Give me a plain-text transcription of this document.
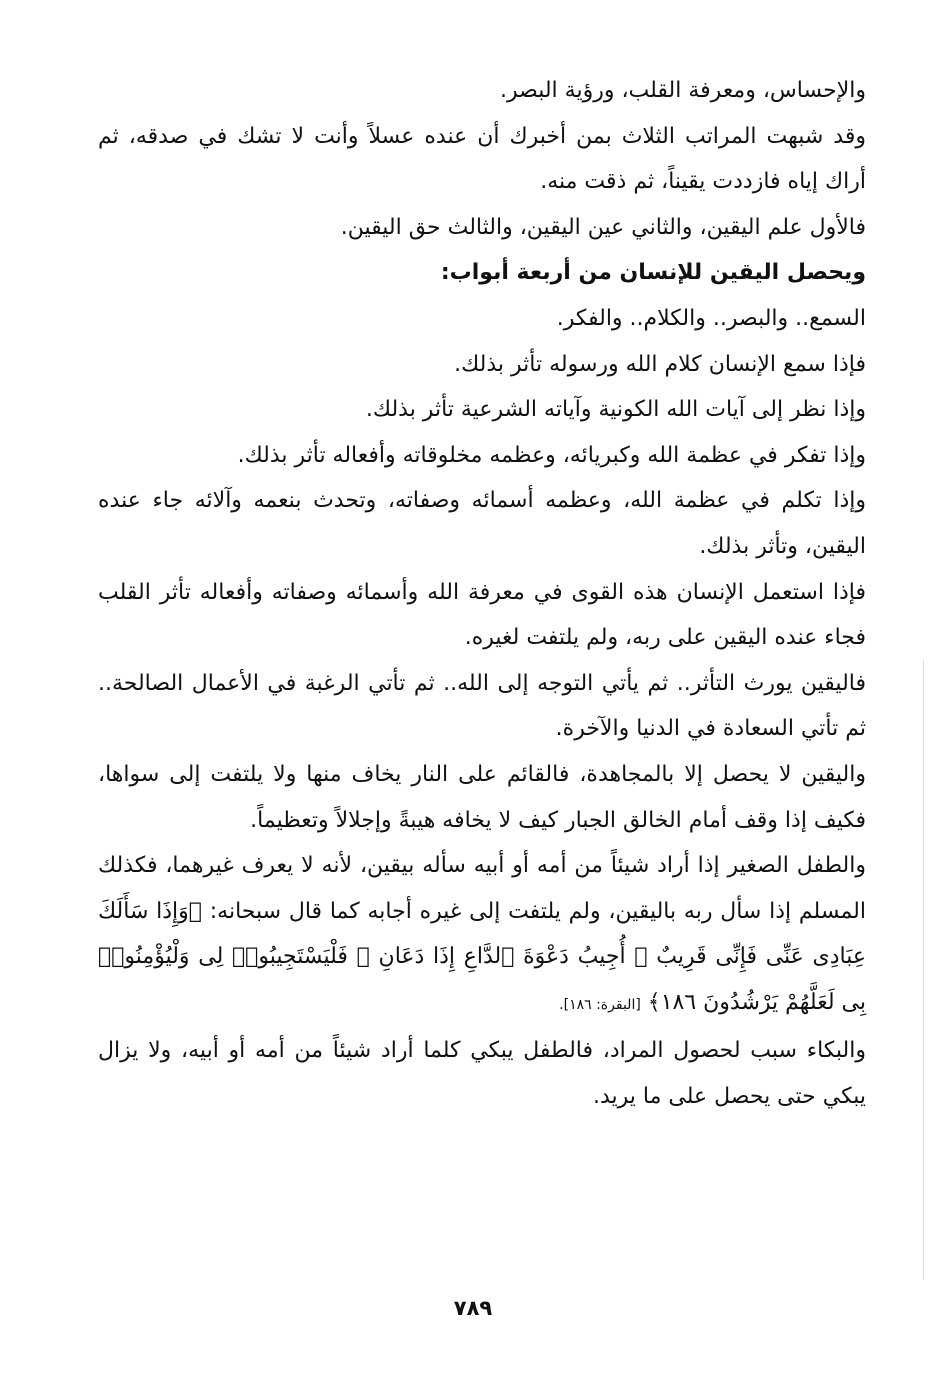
والإحساس، ومعرفة القلب، ورؤية البصر.

وقد شبهت المراتب الثلاث بمن أخبرك أن عنده عسلاً وأنت لا تشك في صدقه، ثم أراك إياه فازددت يقيناً، ثم ذقت منه.

فالأول علم اليقين، والثاني عين اليقين، والثالث حق اليقين.

ويحصل اليقين للإنسان من أربعة أبواب:

السمع.. والبصر.. والكلام.. والفكر.

فإذا سمع الإنسان كلام الله ورسوله تأثر بذلك.

وإذا نظر إلى آيات الله الكونية وآياته الشرعية تأثر بذلك.

وإذا تفكر في عظمة الله وكبريائه، وعظمه مخلوقاته وأفعاله تأثر بذلك.

وإذا تكلم في عظمة الله، وعظمه أسمائه وصفاته، وتحدث بنعمه وآلائه جاء عنده اليقين، وتأثر بذلك.

فإذا استعمل الإنسان هذه القوى في معرفة الله وأسمائه وصفاته وأفعاله تأثر القلب فجاء عنده اليقين على ربه، ولم يلتفت لغيره.

فاليقين يورث التأثر.. ثم يأتي التوجه إلى الله.. ثم تأتي الرغبة في الأعمال الصالحة.. ثم تأتي السعادة في الدنيا والآخرة.

واليقين لا يحصل إلا بالمجاهدة، فالقائم على النار يخاف منها ولا يلتفت إلى سواها، فكيف إذا وقف أمام الخالق الجبار كيف لا يخافه هيبةً وإجلالاً وتعظيماً.

والطفل الصغير إذا أراد شيئاً من أمه أو أبيه سأله بيقين، لأنه لا يعرف غيرهما، فكذلك المسلم إذا سأل ربه باليقين، ولم يلتفت إلى غيره أجابه كما قال سبحانه: ﴿وَإِذَا سَأَلَكَ عِبَادِى عَنِّى فَإِنِّى قَرِيبٌ ۖ أُجِيبُ دَعْوَةَ ٱلدَّاعِ إِذَا دَعَانِ ۖ فَلْيَسْتَجِيبُوا۟ لِى وَلْيُؤْمِنُوا۟ بِى لَعَلَّهُمْ يَرْشُدُونَ ١٨٦﴾ [البقرة: ١٨٦].

والبكاء سبب لحصول المراد، فالطفل يبكي كلما أراد شيئاً من أمه أو أبيه، ولا يزال يبكي حتى يحصل على ما يريد.

٧٨٩
